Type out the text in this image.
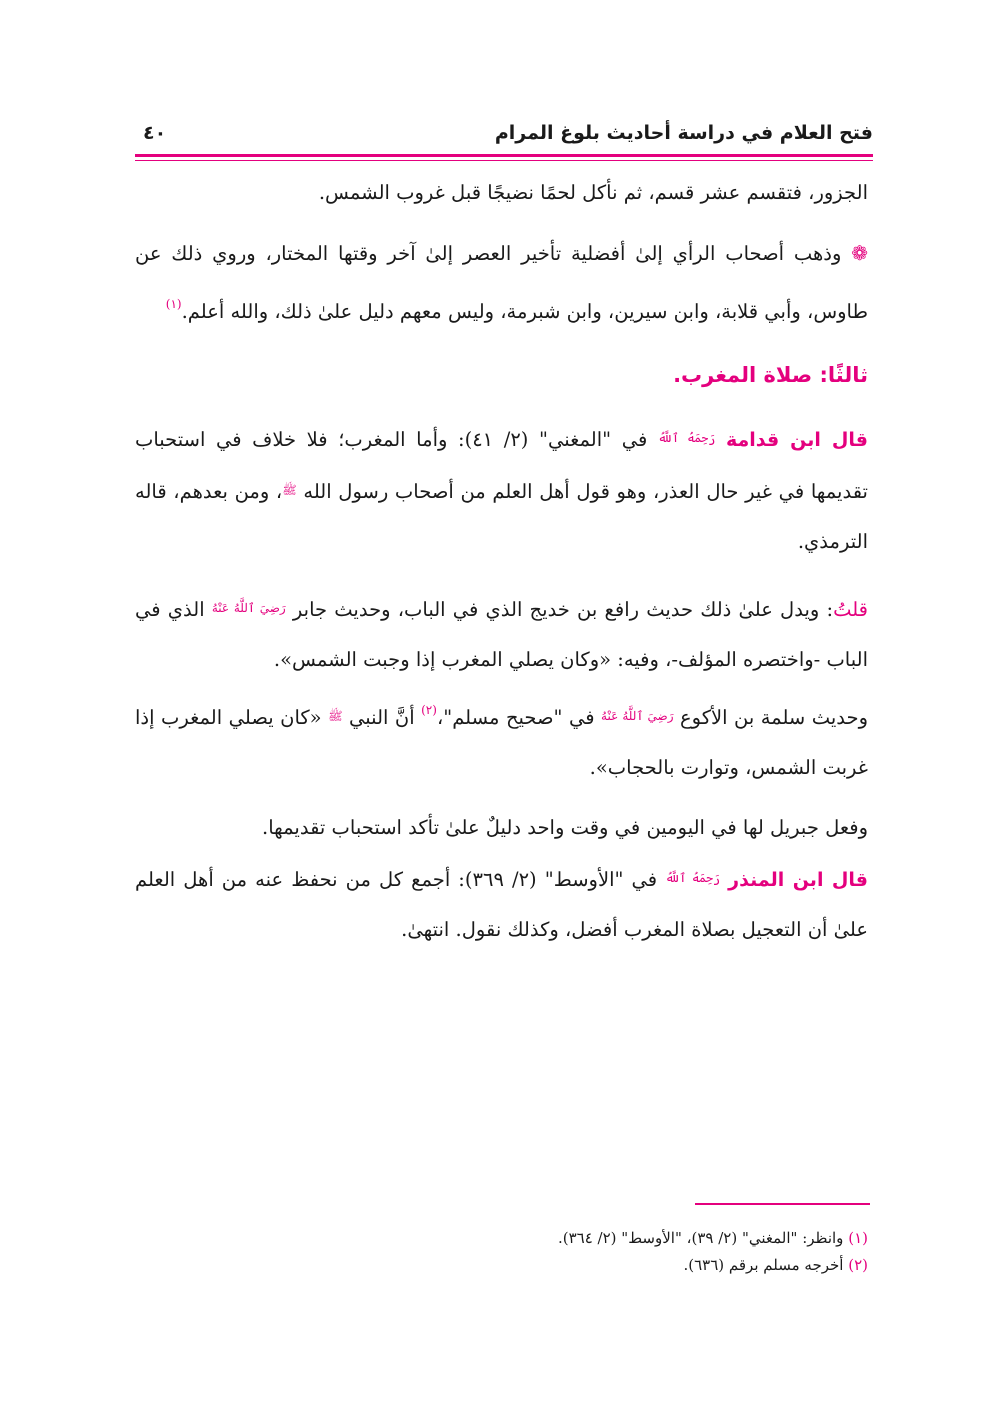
فتح العلام في دراسة أحاديث بلوغ المرام
٤٠

الجزور، فتقسم عشر قسم، ثم نأكل لحمًا نضيجًا قبل غروب الشمس.

❁ وذهب أصحاب الرأي إلىٰ أفضلية تأخير العصر إلىٰ آخر وقتها المختار، وروي ذلك عن طاوس، وأبي قلابة، وابن سيرين، وابن شبرمة، وليس معهم دليل علىٰ ذلك، والله أعلم.$^{(١)}$

ثالثًا: صلاة المغرب.

قال ابن قدامة $^{رَحِمَهُ ٱللَّهُ}$ في "المغني" (٢/ ٤١): وأما المغرب؛ فلا خلاف في استحباب تقديمها في غير حال العذر، وهو قول أهل العلم من أصحاب رسول الله $^ﷺ$، ومن بعدهم، قاله الترمذي.

قلتُ: ويدل علىٰ ذلك حديث رافع بن خديج الذي في الباب، وحديث جابر $^{رَضِيَ ٱللَّهُ عَنْهُ}$ الذي في الباب -واختصره المؤلف-، وفيه: «وكان يصلي المغرب إذا وجبت الشمس».

وحديث سلمة بن الأكوع $^{رَضِيَ ٱللَّهُ عَنْهُ}$ في "صحيح مسلم"،$^{(٢)}$ أنَّ النبي $^ﷺ$ «كان يصلي المغرب إذا غربت الشمس، وتوارت بالحجاب».

وفعل جبريل لها في اليومين في وقت واحد دليلٌ علىٰ تأكد استحباب تقديمها.

قال ابن المنذر $^{رَحِمَهُ ٱللَّهُ}$ في "الأوسط" (٢/ ٣٦٩): أجمع كل من نحفظ عنه من أهل العلم علىٰ أن التعجيل بصلاة المغرب أفضل، وكذلك نقول. انتهىٰ.

(١) وانظر: "المغني" (٢/ ٣٩)، "الأوسط" (٢/ ٣٦٤).

(٢) أخرجه مسلم برقم (٦٣٦).
